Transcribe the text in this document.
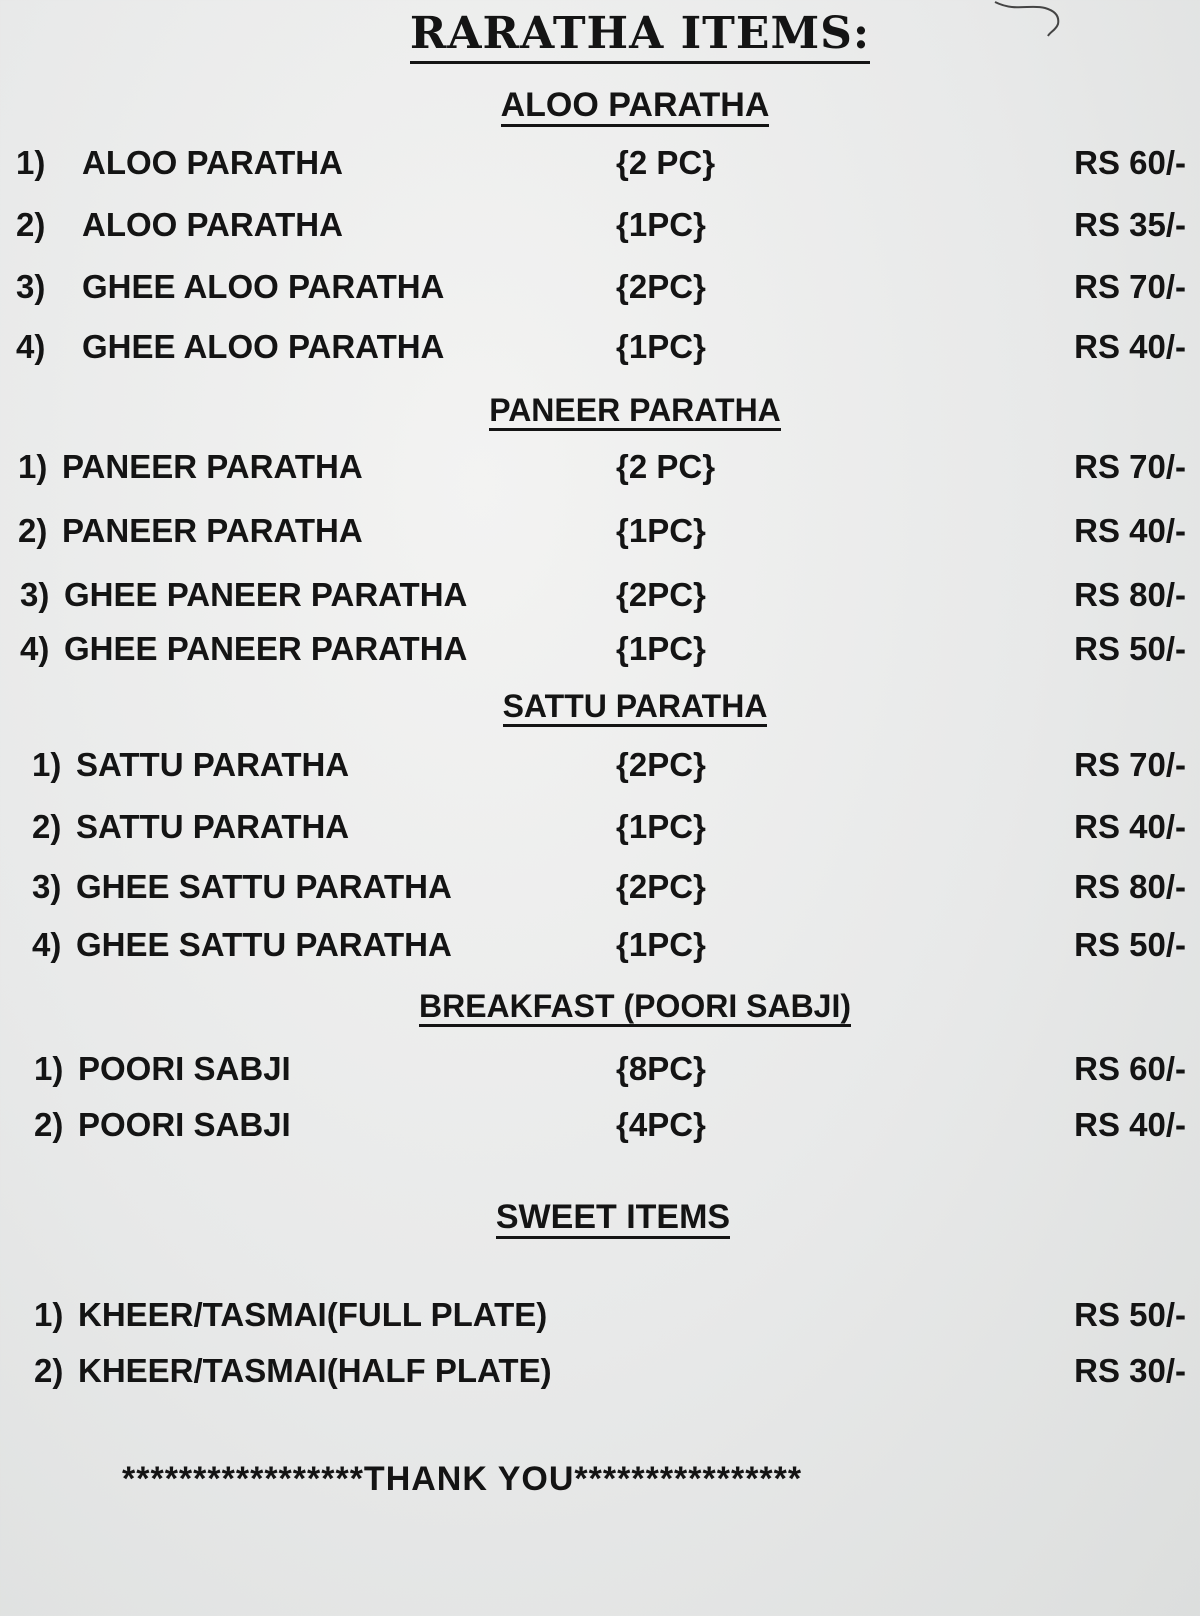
RARATHA ITEMS:
ALOO PARATHA
1) ALOO PARATHA	{2 PC}	RS 60/-
2) ALOO PARATHA	{1PC}	RS 35/-
3) GHEE ALOO PARATHA	{2PC}	RS 70/-
4) GHEE ALOO PARATHA	{1PC}	RS 40/-
PANEER PARATHA
1) PANEER PARATHA	{2 PC}	RS 70/-
2) PANEER PARATHA	{1PC}	RS 40/-
3) GHEE PANEER PARATHA	{2PC}	RS 80/-
4) GHEE PANEER PARATHA	{1PC}	RS 50/-
SATTU PARATHA
1) SATTU PARATHA	{2PC}	RS 70/-
2) SATTU PARATHA	{1PC}	RS 40/-
3) GHEE SATTU PARATHA	{2PC}	RS 80/-
4) GHEE SATTU PARATHA	{1PC}	RS 50/-
BREAKFAST (POORI SABJI)
1) POORI SABJI	{8PC}	RS 60/-
2) POORI SABJI	{4PC}	RS 40/-
SWEET ITEMS
1) KHEER/TASMAI(FULL PLATE)	RS 50/-
2) KHEER/TASMAI(HALF PLATE)	RS 30/-
*****************THANK YOU****************
